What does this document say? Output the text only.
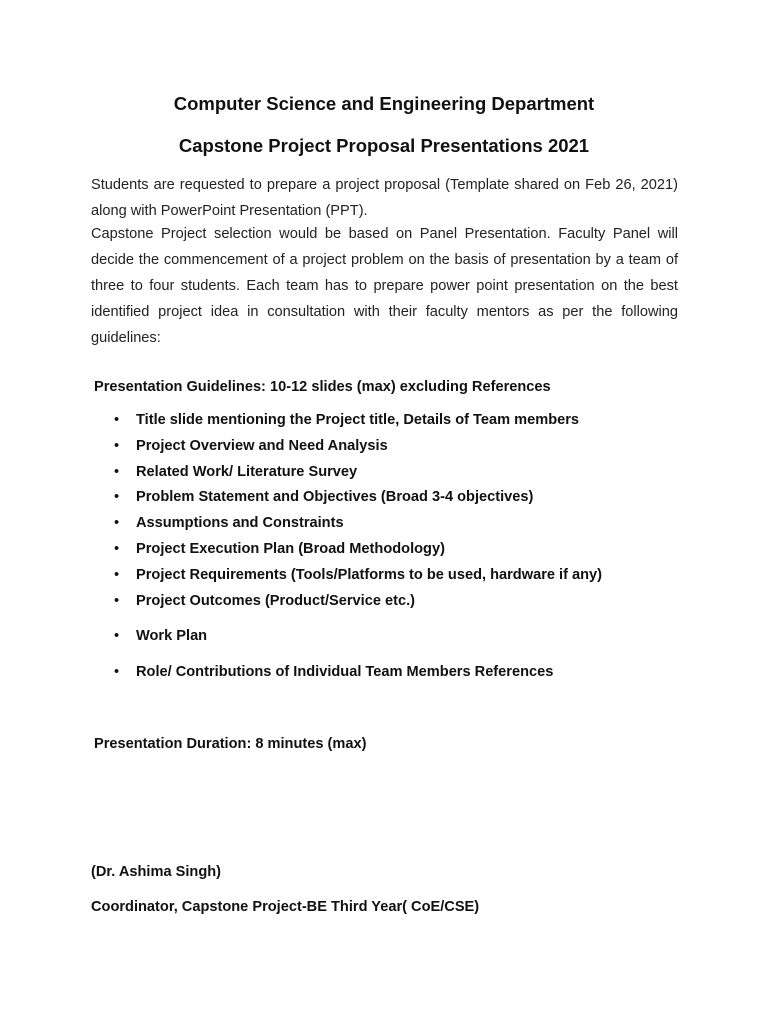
Computer Science and Engineering Department
Capstone Project Proposal Presentations 2021

Students are requested to prepare a project proposal (Template shared on Feb 26, 2021) along with PowerPoint Presentation (PPT).

Capstone Project selection would be based on Panel Presentation. Faculty Panel will decide the commencement of a project problem on the basis of presentation by a team of three to four students. Each team has to prepare power point presentation on the best identified project idea in consultation with their faculty mentors as per the following guidelines:

Presentation Guidelines: 10-12 slides (max) excluding References

• Title slide mentioning the Project title, Details of Team members

• Project Overview and Need Analysis

• Related Work/ Literature Survey

• Problem Statement and Objectives (Broad 3-4 objectives)

• Assumptions and Constraints

• Project Execution Plan (Broad Methodology)

• Project Requirements (Tools/Platforms to be used, hardware if any)

• Project Outcomes (Product/Service etc.)

• Work Plan

• Role/ Contributions of Individual Team Members References

Presentation Duration: 8 minutes (max)

(Dr. Ashima Singh)

Coordinator, Capstone Project-BE Third Year( CoE/CSE)
